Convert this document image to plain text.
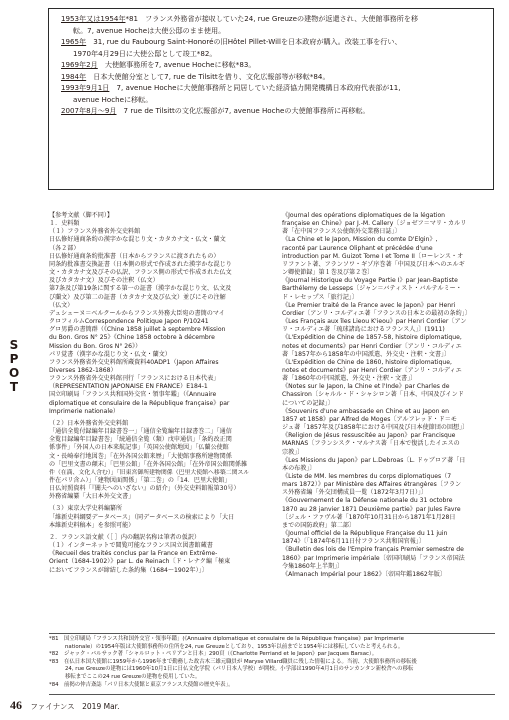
1953年又は1954年*81　フランス外務省が接収していた24, rue Greuzeの建物が返還され、大使館事務所を移
転。7, avenue Hocheは大使公邸のまま使用。
1965年　31, rue du Faubourg Saint-Honoréの旧Hôtel Pillet-Willを日本政府が購入。改装工事を行い、
1970年4月29日に大使公邸として竣工*82。
1969年2月　大使館事務所を7, avenue Hocheに移転*83。
1984年　日本大使館分室として7, rue de Tilsittを借り、文化広報部等が移転*84。
1993年9月1日　7, avenue Hocheに大使館事務所と同居していた経済協力開発機構日本政府代表部が11,
avenue Hocheに移転。
2007年8月～9月　7 rue de Tilsittの文化広報部が7, avenue Hocheの大使館事務所に再移転。
SPOT
【参考文献（脚不同）】
１．史料類
（１）フランス外務省外交史料館
日仏修好通商条約の漢字かな混じり文・カタカナ文・仏文・蘭文
（各２部）
日仏修好通商条約批准書（日本からフランスに渡されたもの）
同条約批准書交換証書（日本側の形式で作成された漢字かな混じり
文・カタカナ文及びその仏訳、フランス側の形式で作成された仏文
及びカタカナ文）及びその注釈（仏文）
第7条及び第19条に関する第一の証書（漢字かな混じり文、仏文及
び蘭文）及び第二の証書（カタカナ文及び仏文）並びにその注解
（仏文）
デュシェーヌ＝ベルクールからフランス外務大臣宛の書簡のマイ
クロフィルムCorrespondence Politique Japon P/10241
グロ男爵の書簡群（《Chine 1858 juillet à septembre Mission
du Bon. Gros N° 25》《Chine 1858 octobre à décembre
Mission du Bon. Gros N° 26》）
パリ覚書（漢字かな混じり文・仏文・蘭文）
フランス外務省外交史料館所蔵資料40ADP1（Japon Affaires
Diverses 1862-1868）
フランス外務省外交史料館刊行「フランスにおける日本代表」
（REPRESENTATION JAPONAISE EN FRANCE）E184-1
国立印刷局「フランス共和国外交官・領事年鑑」（《Annuaire
diplomatique et consulaire de la République française》par
Imprimerie nationale）
（２）日本外務省外交史料館
「通信全覧付録編年目録書巻一」「通信全覧編年目録書巻二」「通信
全覧目録編年目録書巻」「続通信全覧（類）戊申通信」「条約改正関
係事件」「外国人の日本来航記事」「英国公使館地図」「仏蘭公使館
文・長崎奉行地図巻」「在外各国公館来歴」「大使館事務所建物関係
の「巴里文書の顛末」「巴里公館」「在外各国公館」「在外帝国公館関係雑
件（在満、文化人含む）」「旧東宮御所建物関係（巴里大使館へ移築二関スル
件在パリ含ム）」「建物図面関係」「第二巻」の「14．巴里大使館」
日仏対照資料「『闇夫へのいざない』の紹介」（外交史料館報第30号）
外務省編纂「大日本外交文書」
（３）東京大学史料編纂所
「維新史料綱要データベース」（同データベースの検索により「大日
本維新史料稿本」を参照可能）
２．フランス語文献（［ ］内の翻訳名称は筆者の仮訳）
（１）インターネットで閲覧可能なフランス国立図書館蔵書
《Recueil des traités conclus par la France en Extrême-
Orient（1684-1902）》par L. de Reinach〔ド・レナク編「極東
においてフランスが締結した条約集（1684～1902年）」〕
《Journal des opérations diplomatiques de la légation
française en Chine》par J.-M. Callery〔ジョゼフ＝マリ・カルリ
著「在中国フランス公使館外交業務日誌」〕
《La Chine et le Japon, Mission du comte D'Elgin》,
raconté par Laurence Oliphant et précédée d'une
introduction par M. Guizot Tome I et Tome II〔ローレンス・オ
リファント著、フランソワ・ギゾ序巻著「中国及び日本へのエルギ
ン卿使節録」第１巻及び第２巻〕
《Journal Historique du Voyage Partie I》par Jean-Baptiste
Barthélemy de Lesseps〔ジャン＝バティスト・バルテルミー・
ド・レセップス「旅行記」〕
《Le Premier traité de la France avec le Japon》par Henri
Cordier〔アンリ・コルディエ著「フランスの日本との最初の条約」〕
《Les Français aux îles Lieou K'ieou》par Henri Cordier〔アン
リ・コルディエ著「琉球諸島におけるフランス人」〕(1911)
《L'Expédition de Chine de 1857-58, histoire diplomatique,
notes et documents》par Henri Cordier〔アンリ・コルディエ
著「1857年から1858年の中国派遣、外交史・注釈・文書」〕
《L'Expédition de Chine de 1860, histoire diplomatique,
notes et documents》par Henri Cordier〔アンリ・コルディエ
著「1860年の中国派遣、外交史・注釈・文書」〕
《Notes sur le Japon, la Chine et l'Inde》par Charles de
Chassiron〔シャルル・ド・シャシロン著「日本、中国及びインド
についての記録」〕
《Souvenirs d'une ambassade en Chine et au Japon en
1857 et 1858》par Alfred de Moges〔アルフレッド・ド＝モ
ジュ著「1857年及び1858年における中国及び日本使節団の回想」〕
《Religion de Jésus ressuscitée au Japon》par Francisque
MARNAS〔フランシスク・マルナス著「日本で復活したイエスの
宗教」〕
《Les Missions du Japon》par L.Debroas〔L. ドゥブロア著「日
本の布教」〕
《Liste de MM. les membres du corps diplomatiques（7
mars 1872）》par Ministère des Affaires étrangères〔フラン
ス外務省編「外交団構成員一覧（1872年3月7日）」〕
《Gouvernement de la Défense nationale du 31 octobre
1870 au 28 janvier 1871 Deuxième partie》par Jules Favre
〔ジュル・ファヴル著「1870年10月31日から1871年1月28日
までの国防政府」第二部〕
《Journal officiel de la République Française du 11 juin
1874》〔「1874年6月11日付フランス共和国官報」〕
《Bulletin des lois de l'Empire français Premier semestre de
1860》par Imprimerie impériale〔帝国印刷局「フランス帝国法
令集1860年上半期」〕
《Almanach Impérial pour 1862》〔帝国年鑑1862年版〕
*81　国立印刷局「フランス共和国外交官・領事年鑑」(《Annuaire diplomatique et consulaire de la République française》par Imprimerie
nationale）の1954年版は大使館事務所の住所を24, rue Greuzeとしており、1953年以前までと1954年には移転していたと考えられる。
*82　ジャック・バルサック著「シャルロット・ペリアンと日本」290頁（《Charlotte Perriand et le Japon》par Jacques Barsac）。
*83　在仏日本国大使館に1959年から1996年まで勤務した故古木三雄元職員が Maryse Villard職員に残した情報による。当初、大使館事務所の移転後
24, rue Greuzeの建物には1960年10月1日に日仏文化学院（パリ日本人学校）が開校。小学部は1990年4月1日のサンカンタン新校舎への移転
移転までここの24 rue Greuzeの建物を使用していた。
*84　前掲の仲吉斎誌「パリ日本大使館と東京フランス大使館の歴史年表」。
46 ファイナンス　2019 Mar.
